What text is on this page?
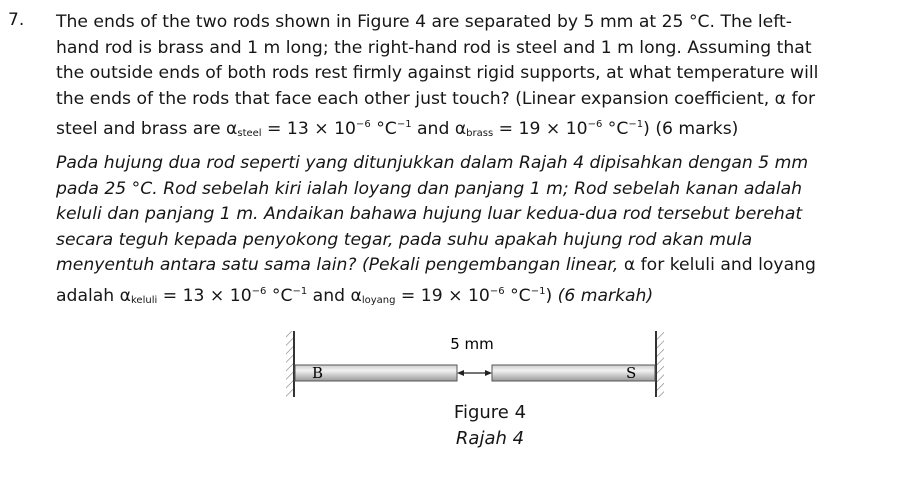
7. The ends of the two rods shown in Figure 4 are separated by 5 mm at 25 °C. The left-
hand rod is brass and 1 m long; the right-hand rod is steel and 1 m long. Assuming that
the outside ends of both rods rest firmly against rigid supports, at what temperature will
the ends of the rods that face each other just touch? (Linear expansion coefficient, α for
steel and brass are $\alpha_{steel} = 13 \times 10^{-6}$ $^\circ C^{-1}$ and $\alpha_{brass} = 19 \times 10^{-6}$ $^\circ C^{-1}$) (6 marks)
Pada hujung dua rod seperti yang ditunjukkan dalam Rajah 4 dipisahkan dengan 5 mm
pada 25 °C. Rod sebelah kiri ialah loyang dan panjang 1 m; Rod sebelah kanan adalah
keluli dan panjang 1 m. Andaikan bahawa hujung luar kedua-dua rod tersebut berehat
secara teguh kepada penyokong tegar, pada suhu apakah hujung rod akan mula
menyentuh antara satu sama lain? (Pekali pengembangan linear, α for keluli and loyang
adalah $\alpha_{keluli} = 13 \times 10^{-6}$ $^\circ C^{-1}$ and $\alpha_{loyang} = 19 \times 10^{-6}$ $^\circ C^{-1}$) (6 markah)
B	S
5 mm
Figure 4
Rajah 4
